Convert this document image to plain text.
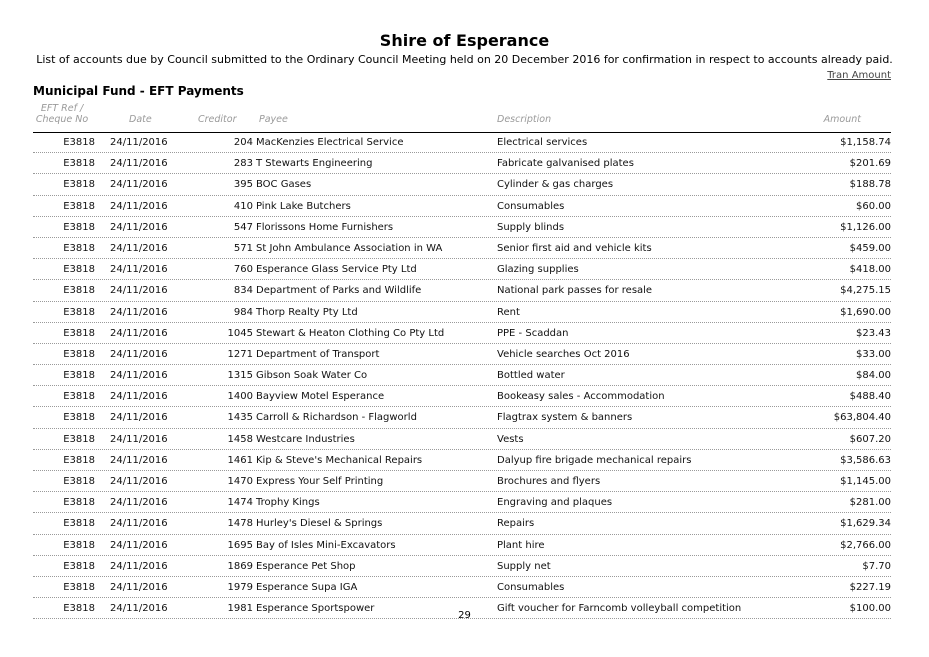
Shire of Esperance
List of accounts due by Council submitted to the Ordinary Council Meeting held on 20 December 2016 for confirmation in respect to accounts already paid.
Tran Amount
Municipal Fund - EFT Payments
EFT Ref /
Cheque No	Date	Creditor Payee	Description	Amount
E3818 24/11/2016	204 MacKenzies Electrical Service	Electrical services	$1,158.74
E3818 24/11/2016	283 T Stewarts Engineering	Fabricate galvanised plates	$201.69
E3818 24/11/2016	395 BOC Gases	Cylinder & gas charges	$188.78
E3818 24/11/2016	410 Pink Lake Butchers	Consumables	$60.00
E3818 24/11/2016	547 Florissons Home Furnishers	Supply blinds	$1,126.00
E3818 24/11/2016	571 St John Ambulance Association in WA	Senior first aid and vehicle kits	$459.00
E3818 24/11/2016	760 Esperance Glass Service Pty Ltd	Glazing supplies	$418.00
E3818 24/11/2016	834 Department of Parks and Wildlife	National park passes for resale	$4,275.15
E3818 24/11/2016	984 Thorp Realty Pty Ltd	Rent	$1,690.00
E3818 24/11/2016	1045 Stewart & Heaton Clothing Co Pty Ltd	PPE - Scaddan	$23.43
E3818 24/11/2016	1271 Department of Transport	Vehicle searches Oct 2016	$33.00
E3818 24/11/2016	1315 Gibson Soak Water Co	Bottled water	$84.00
E3818 24/11/2016	1400 Bayview Motel Esperance	Bookeasy sales - Accommodation	$488.40
E3818 24/11/2016	1435 Carroll & Richardson - Flagworld	Flagtrax system & banners	$63,804.40
E3818 24/11/2016	1458 Westcare Industries	Vests	$607.20
E3818 24/11/2016	1461 Kip & Steve's Mechanical Repairs	Dalyup fire brigade mechanical repairs	$3,586.63
E3818 24/11/2016	1470 Express Your Self Printing	Brochures and flyers	$1,145.00
E3818 24/11/2016	1474 Trophy Kings	Engraving and plaques	$281.00
E3818 24/11/2016	1478 Hurley's Diesel & Springs	Repairs	$1,629.34
E3818 24/11/2016	1695 Bay of Isles Mini-Excavators	Plant hire	$2,766.00
E3818 24/11/2016	1869 Esperance Pet Shop	Supply net	$7.70
E3818 24/11/2016	1979 Esperance Supa IGA	Consumables	$227.19
E3818 24/11/2016	1981 Esperance Sportspower	Gift voucher for Farncomb volleyball competition	$100.00
29
